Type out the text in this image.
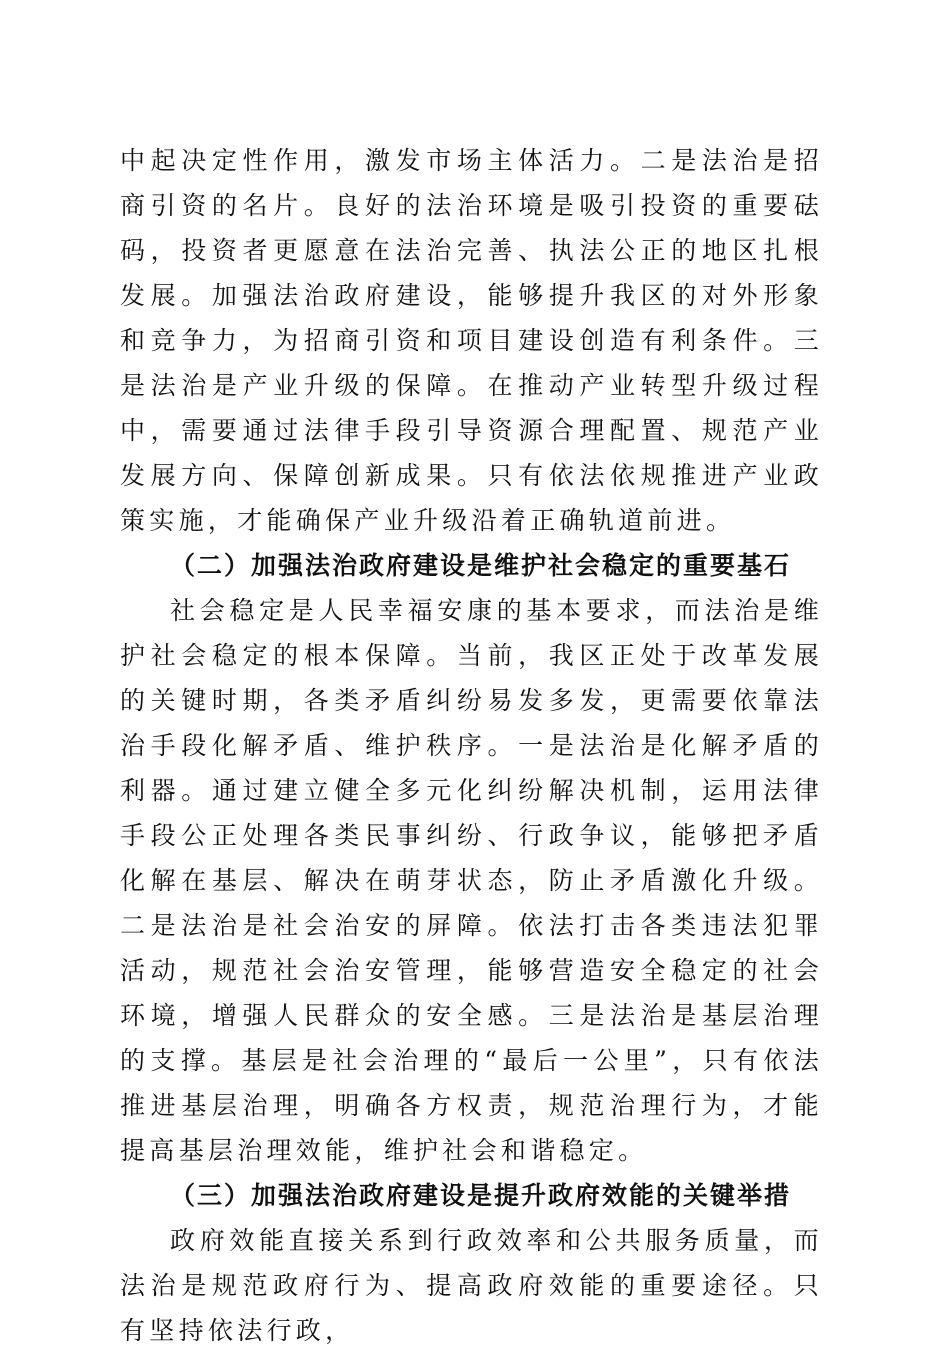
中起决定性作用，激发市场主体活力。二是法治是招商引资的名片。良好的法治环境是吸引投资的重要砝码，投资者更愿意在法治完善、执法公正的地区扎根发展。加强法治政府建设，能够提升我区的对外形象和竞争力，为招商引资和项目建设创造有利条件。三是法治是产业升级的保障。在推动产业转型升级过程中，需要通过法律手段引导资源合理配置、规范产业发展方向、保障创新成果。只有依法依规推进产业政策实施，才能确保产业升级沿着正确轨道前进。

（二）加强法治政府建设是维护社会稳定的重要基石

社会稳定是人民幸福安康的基本要求，而法治是维护社会稳定的根本保障。当前，我区正处于改革发展的关键时期，各类矛盾纠纷易发多发，更需要依靠法治手段化解矛盾、维护秩序。一是法治是化解矛盾的利器。通过建立健全多元化纠纷解决机制，运用法律手段公正处理各类民事纠纷、行政争议，能够把矛盾化解在基层、解决在萌芽状态，防止矛盾激化升级。二是法治是社会治安的屏障。依法打击各类违法犯罪活动，规范社会治安管理，能够营造安全稳定的社会环境，增强人民群众的安全感。三是法治是基层治理的支撑。基层是社会治理的“最后一公里”，只有依法推进基层治理，明确各方权责，规范治理行为，才能提高基层治理效能，维护社会和谐稳定。

（三）加强法治政府建设是提升政府效能的关键举措

政府效能直接关系到行政效率和公共服务质量，而法治是规范政府行为、提高政府效能的重要途径。只有坚持依法行政，
